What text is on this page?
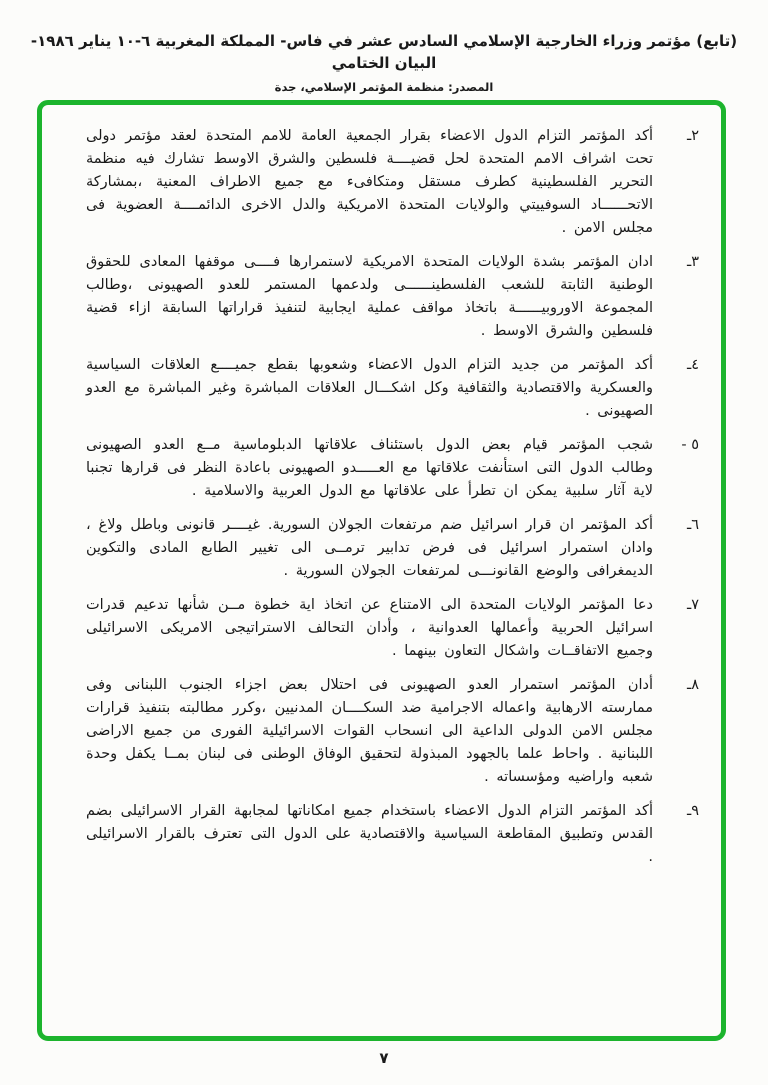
(تابع) مؤتمر وزراء الخارجية الإسلامي السادس عشر في فاس- المملكة المغربية ٦-١٠ يناير ١٩٨٦- البيان الختامي
المصدر: منظمة المؤتمر الإسلامي، جدة
٢ـ
أكد المؤتمر التزام الدول الاعضاء بقرار الجمعية العامة للامم المتحدة لعقد مؤتمر دولى تحت اشراف الامم المتحدة لحل قضيــــة فلسطين والشرق الاوسط تشارك فيه منظمة التحرير الفلسطينية كطرف مستقل ومتكافىء مع جميع الاطراف المعنية ،بمشاركة الاتحــــــاد السوفييتي والولايات المتحدة الامريكية والدل الاخرى الدائمــــة العضوية فى مجلس الامن .
٣ـ
ادان المؤتمر بشدة الولايات المتحدة الامريكية لاستمرارها فــــى موقفها المعادى للحقوق الوطنية الثابتة للشعب الفلسطينــــــى ولدعمها المستمر للعدو الصهيونى ،وطالب المجموعة الاوروبيــــــة باتخاذ مواقف عملية ايجابية لتنفيذ قراراتها السابقة ازاء قضية فلسطين والشرق الاوسط .
٤ـ
أكد المؤتمر من جديد التزام الدول الاعضاء وشعوبها بقطع جميــــع العلاقات السياسية والعسكرية والاقتصادية والثقافية وكل اشكـــال العلاقات المباشرة وغير المباشرة مع العدو الصهيونى .
٥ -
شجب المؤتمر قيام بعض الدول باستئناف علاقاتها الدبلوماسية مــع العدو الصهيونى وطالب الدول التى استأنفت علاقاتها مع العـــــدو الصهيونى باعادة النظر فى قرارها تجنبا لاية آثار سلبية يمكن ان تطرأ على علاقاتها مع الدول العربية والاسلامية .
٦ـ
أكد المؤتمر ان قرار اسرائيل ضم مرتفعات الجولان السورية. غيــــر قانونى وباطل ولاغ ، وادان استمرار اسرائيل فى فرض تدابير ترمــى الى تغيير الطابع المادى والتكوين الديمغرافى والوضع القانونـــى لمرتفعات الجولان السورية .
٧ـ
دعا المؤتمر الولايات المتحدة الى الامتناع عن اتخاذ اية خطوة مــن شأنها تدعيم قدرات اسرائيل الحربية وأعمالها العدوانية ، وأدان التحالف الاستراتيجى الامريكى الاسرائيلى وجميع الاتفاقــات واشكال التعاون بينهما .
٨ـ
أدان المؤتمر استمرار العدو الصهيونى فى احتلال بعض اجزاء الجنوب اللبنانى وفى ممارسته الارهابية واعماله الاجرامية ضد السكــــان المدنيين ،وكرر مطالبته بتنفيذ قرارات مجلس الامن الدولى الداعية الى انسحاب القوات الاسرائيلية الفورى من جميع الاراضى اللبنانية . واحاط علما بالجهود المبذولة لتحقيق الوفاق الوطنى فى لبنان بمــا يكفل وحدة شعبه واراضيه ومؤسساته .
٩ـ
أكد المؤتمر التزام الدول الاعضاء باستخدام جميع امكاناتها لمجابهة القرار الاسرائيلى بضم القدس وتطبيق المقاطعة السياسية والاقتصادية على الدول التى تعترف بالقرار الاسرائيلى .
٧
